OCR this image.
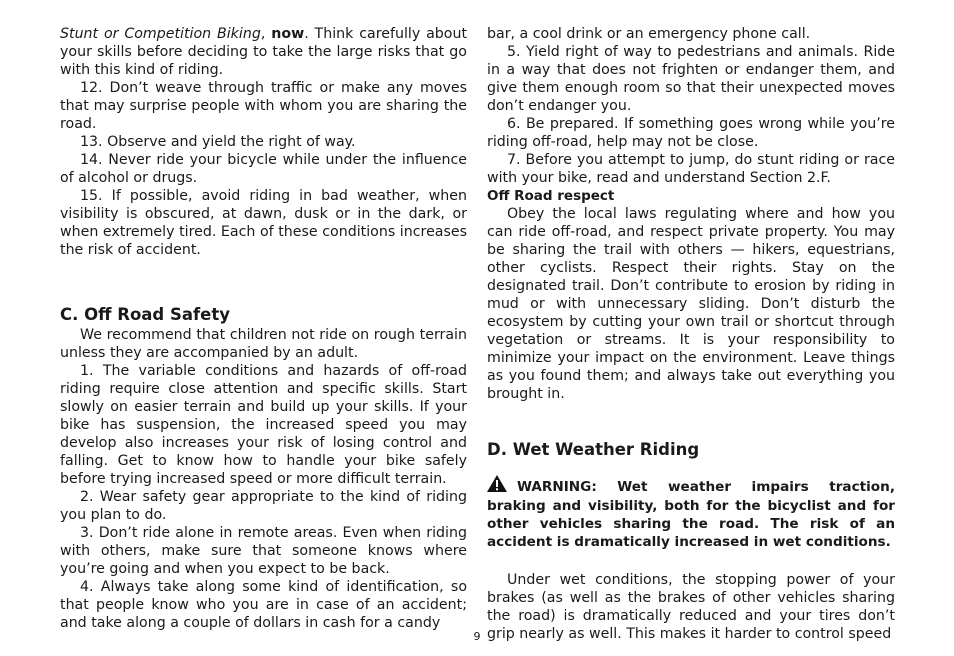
Stunt or Competition Biking, now. Think carefully about your skills before deciding to take the large risks that go with this kind of riding.

12. Don’t weave through traffic or make any moves that may surprise people with whom you are sharing the road.

13. Observe and yield the right of way.

14. Never ride your bicycle while under the influence of alcohol or drugs.

15. If possible, avoid riding in bad weather, when visibility is obscured, at dawn, dusk or in the dark, or when extremely tired. Each of these conditions increases the risk of accident.

C. Off Road Safety

We recommend that children not ride on rough terrain unless they are accompanied by an adult.

1. The variable conditions and hazards of off-road riding require close attention and specific skills. Start slowly on easier terrain and build up your skills. If your bike has suspension, the increased speed you may develop also increases your risk of losing control and falling. Get to know how to handle your bike safely before trying increased speed or more difficult terrain.

2. Wear safety gear appropriate to the kind of riding you plan to do.

3. Don’t ride alone in remote areas. Even when riding with others, make sure that someone knows where you’re going and when you expect to be back.

4. Always take along some kind of identification, so that people know who you are in case of an accident; and take along a couple of dollars in cash for a candy

bar, a cool drink or an emergency phone call.

5. Yield right of way to pedestrians and animals. Ride in a way that does not frighten or endanger them, and give them enough room so that their unexpected moves don’t endanger you.

6. Be prepared. If something goes wrong while you’re riding off-road, help may not be close.

7. Before you attempt to jump, do stunt riding or race with your bike, read and understand Section 2.F.

Off Road respect

Obey the local laws regulating where and how you can ride off-road, and respect private property. You may be sharing the trail with others — hikers, equestrians, other cyclists. Respect their rights. Stay on the designated trail. Don’t contribute to erosion by riding in mud or with unnecessary sliding. Don’t disturb the ecosystem by cutting your own trail or shortcut through vegetation or streams. It is your responsibility to minimize your impact on the environment. Leave things as you found them; and always take out everything you brought in.

D. Wet Weather Riding
WARNING: Wet weather impairs traction, braking and visibility, both for the bicyclist and for other vehicles sharing the road. The risk of an accident is dramatically increased in wet conditions.

Under wet conditions, the stopping power of your brakes (as well as the brakes of other vehicles sharing the road) is dramatically reduced and your tires don’t grip nearly as well. This makes it harder to control speed

9
